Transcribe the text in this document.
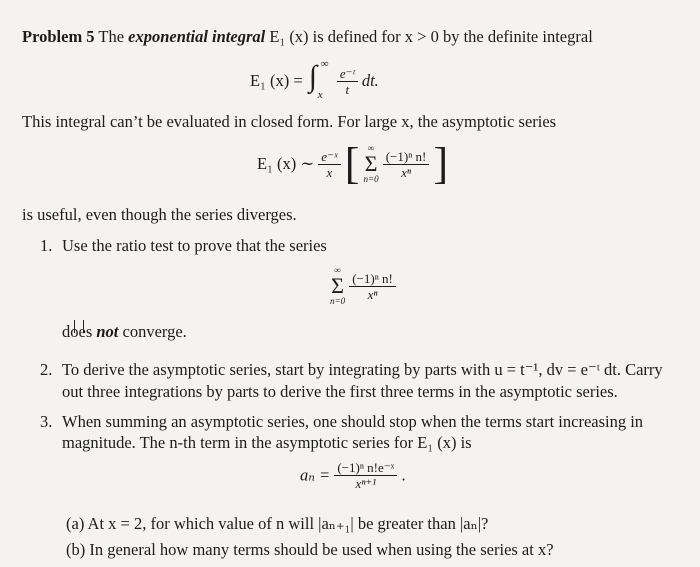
Problem 5 The exponential integral E₁ (x) is defined for x > 0 by the definite integral
E₁ (x) = ∫ ∞
x
$\frac{\text{e⁻ᵗ}}{t}$ dt.
This integral can’t be evaluated in closed form. For large x, the asymptotic series
E₁ (x) ∼ $\frac{\text{e⁻ˣ}}{x}$ [ ∞
Σ
n=0
$\frac{\text{(−1)ⁿ n!}}{\text{xⁿ}}$ ]
is useful, even though the series diverges.
1. Use the ratio test to prove that the series
∞
Σ
n=0
$\frac{\text{(−1)ⁿ n!}}{\text{xⁿ}}$
does not converge.
2. To derive the asymptotic series, start by integrating by parts with u = t⁻¹, dv = e⁻ᵗ dt. Carry
out three integrations by parts to derive the first three terms in the asymptotic series.
3. When summing an asymptotic series, one should stop when the terms start increasing in
magnitude. The n-th term in the asymptotic series for E₁ (x) is
$a_n = \frac{\text{(−1)ⁿ n!e⁻ˣ}}{\text{xⁿ⁺¹}}$ .
(a) At x = 2, for which value of n will |aₙ₊₁| be greater than |aₙ|?
(b) In general how many terms should be used when using the series at x?
